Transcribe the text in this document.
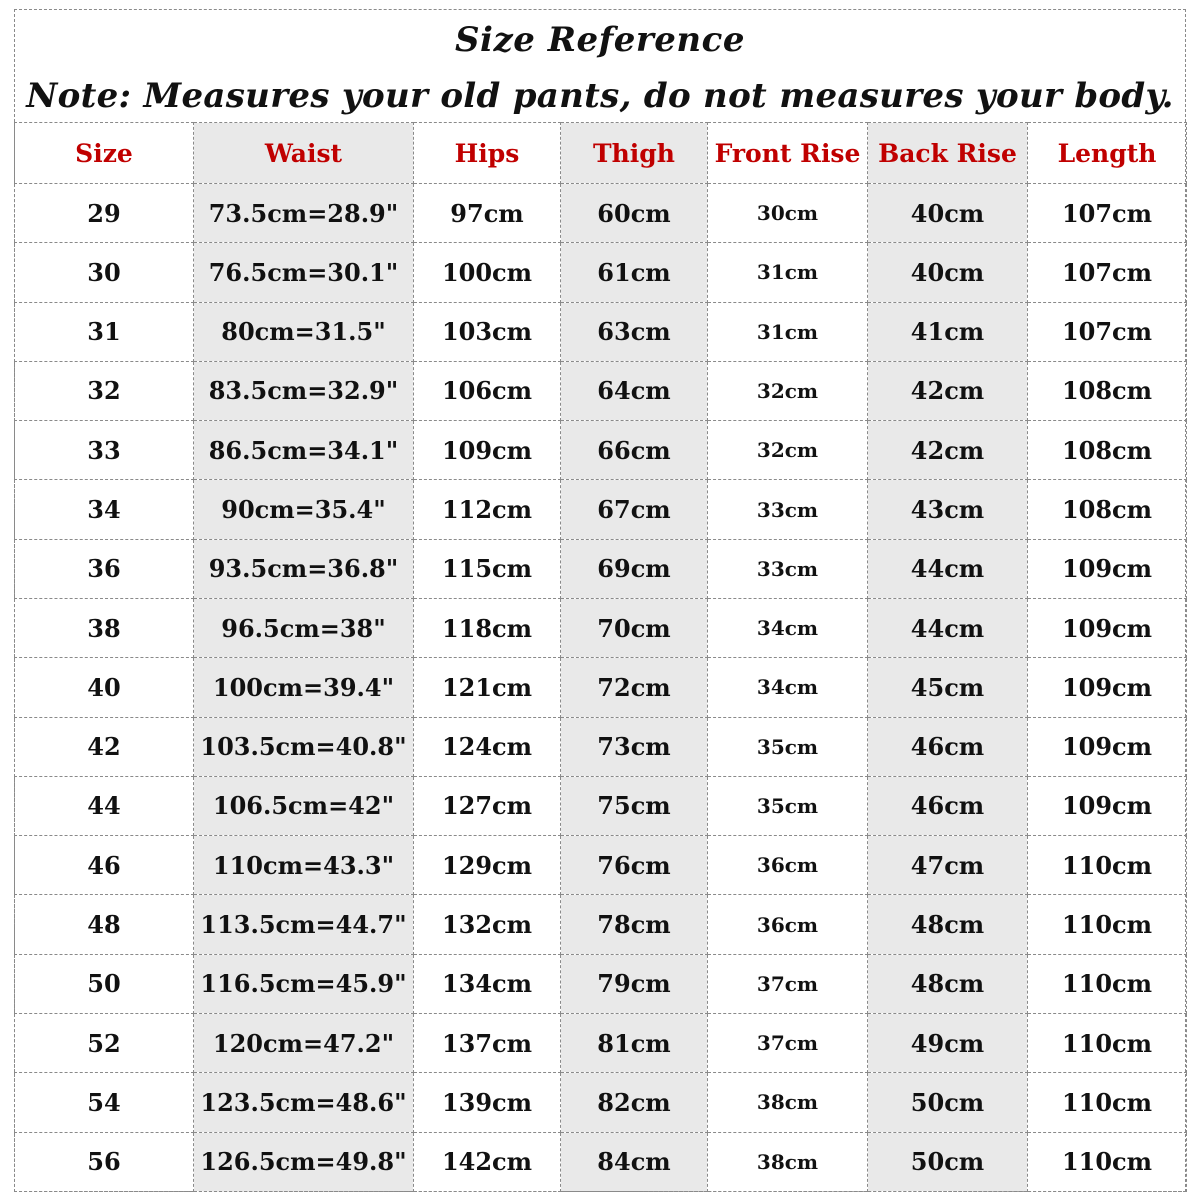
Size Reference
Note: Measures your old pants, do not measures your body.
Size	Waist	Hips	Thigh	Front Rise	Back Rise	Length
29	73.5cm=28.9"	97cm	60cm	30cm	40cm	107cm
30	76.5cm=30.1"	100cm	61cm	31cm	40cm	107cm
31	80cm=31.5"	103cm	63cm	31cm	41cm	107cm
32	83.5cm=32.9"	106cm	64cm	32cm	42cm	108cm
33	86.5cm=34.1"	109cm	66cm	32cm	42cm	108cm
34	90cm=35.4"	112cm	67cm	33cm	43cm	108cm
36	93.5cm=36.8"	115cm	69cm	33cm	44cm	109cm
38	96.5cm=38"	118cm	70cm	34cm	44cm	109cm
40	100cm=39.4"	121cm	72cm	34cm	45cm	109cm
42	103.5cm=40.8"	124cm	73cm	35cm	46cm	109cm
44	106.5cm=42"	127cm	75cm	35cm	46cm	109cm
46	110cm=43.3"	129cm	76cm	36cm	47cm	110cm
48	113.5cm=44.7"	132cm	78cm	36cm	48cm	110cm
50	116.5cm=45.9"	134cm	79cm	37cm	48cm	110cm
52	120cm=47.2"	137cm	81cm	37cm	49cm	110cm
54	123.5cm=48.6"	139cm	82cm	38cm	50cm	110cm
56	126.5cm=49.8"	142cm	84cm	38cm	50cm	110cm
